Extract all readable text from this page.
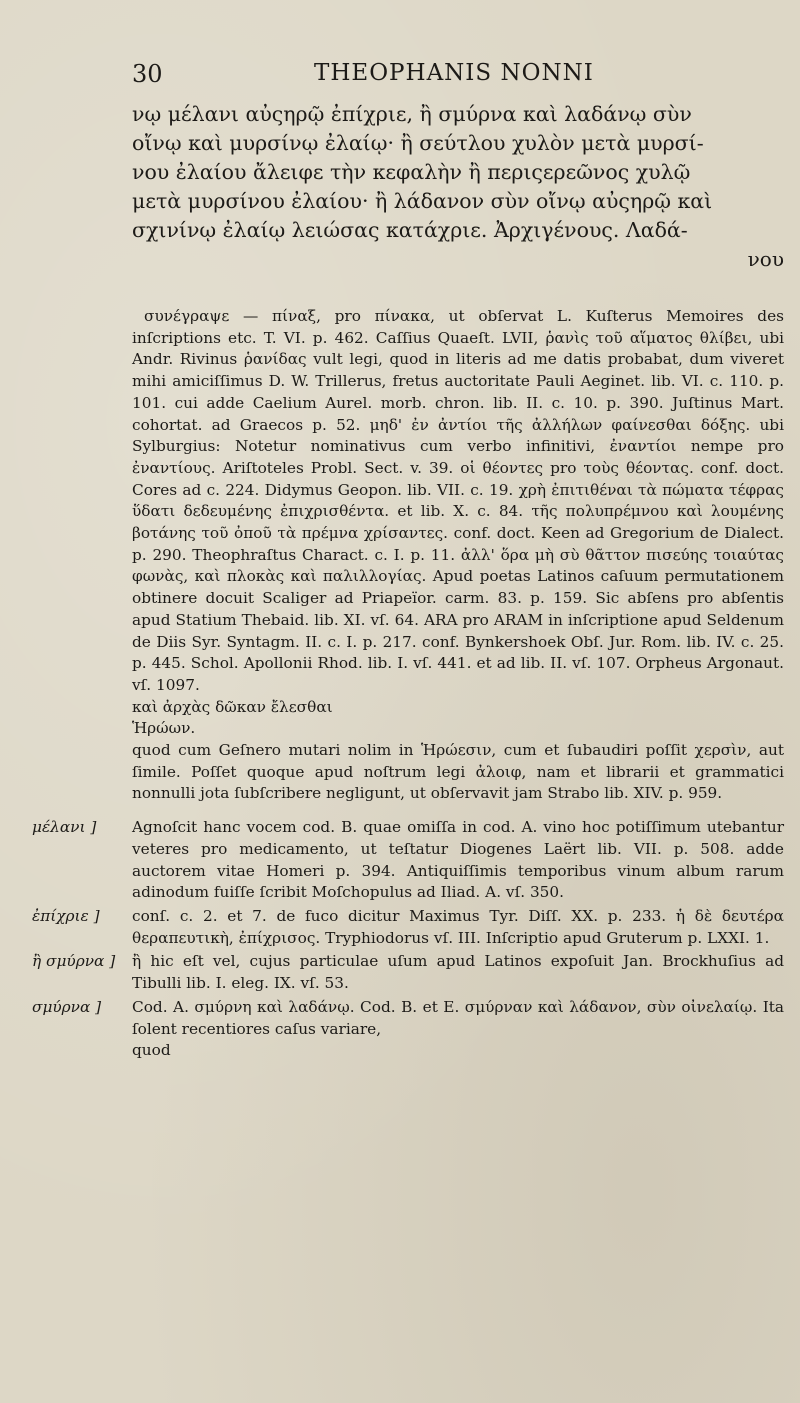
30	THEOPHANIS NONNI

νῳ μέλανι αὐςηρῷ ἐπίχριε, ἢ σμύρνα καὶ λαδάνῳ σὺν

οἴνῳ καὶ μυρσίνῳ ἐλαίῳ· ἢ σεύτλου χυλὸν μετὰ μυρσί-

νου ἐλαίου ἄλειφε τὴν κεφαλὴν ἢ περιςερεῶνος χυλῷ

μετὰ μυρσίνου ἐλαίου· ἢ λάδανον σὺν οἴνῳ αὐςηρῷ καὶ

σχινίνῳ ἐλαίῳ λειώσας κατάχριε. Ἀρχιγένους. Λαδά-

νου

συνέγραψε — πίναξ, pro πίνακα, ut obſervat L. Kuſterus Memoires des inſcriptions etc. T. VI. p. 462. Caſſius Quaeſt. LVII, ῥανὶς τοῦ αἵματος θλίβει, ubi Andr. Rivinus ῥανίδας vult legi, quod in literis ad me datis probabat, dum viveret mihi amiciſſimus D. W. Trillerus, fretus auctoritate Pauli Aeginet. lib. VI. c. 110. p. 101. cui adde Caelium Aurel. morb. chron. lib. II. c. 10. p. 390. Juſtinus Mart. cohortat. ad Graecos p. 52. μηδ' ἐν ἀντίοι τῆς ἀλλήλων φαίνεσθαι δόξης. ubi Sylburgius: Notetur nominativus cum verbo infinitivi, ἐναντίοι nempe pro ἐναντίους. Ariſtoteles Probl. Sect. v. 39. οἱ θέοντες pro τοὺς θέοντας. conf. doct. Cores ad c. 224. Didymus Geopon. lib. VII. c. 19. χρὴ ἐπιτιθέναι τὰ πώματα τέφρας ὕδατι δεδευμένης ἐπιχρισθέντα. et lib. X. c. 84. τῆς πολυπρέμνου καὶ λουμένης βοτάνης τοῦ ὀποῦ τὰ πρέμνα χρίσαντες. conf. doct. Keen ad Gregorium de Dialect. p. 290. Theophraſtus Charact. c. I. p. 11. ἀλλ' ὅρα μὴ σὺ θᾶττον πισεύης τοιαύτας φωνὰς, καὶ πλοκὰς καὶ παλιλλογίας. Apud poetas Latinos caſuum permutationem obtinere docuit Scaliger ad Priapeïor. carm. 83. p. 159. Sic abſens pro abſentis apud Statium Thebaid. lib. XI. vſ. 64. ARA pro ARAM in inſcriptione apud Seldenum de Diis Syr. Syntagm. II. c. I. p. 217. conf. Bynkershoek Obſ. Jur. Rom. lib. IV. c. 25. p. 445. Schol. Apollonii Rhod. lib. I. vſ. 441. et ad lib. II. vſ. 107. Orpheus Argonaut. vſ. 1097.

καὶ ἀρχὰς δῶκαν ἔλεσθαι

Ἡρώων.

quod cum Geſnero mutari nolim in Ἡρώεσιν, cum et ſubaudiri poſſit χερσὶν, aut ſimile. Poſſet quoque apud noſtrum legi ἀλοιφ, nam et librarii et grammatici nonnulli jota ſubſcribere negligunt, ut obſervavit jam Strabo lib. XIV. p. 959.

μέλανι ]	Agnoſcit hanc vocem cod. B. quae omiſſa in cod. A. vino hoc potiſſimum utebantur veteres pro medicamento, ut teſtatur Diogenes Laërt lib. VII. p. 508. adde auctorem vitae Homeri p. 394. Antiquiſſimis temporibus vinum album rarum adinodum fuiſſe ſcribit Moſchopulus ad Iliad. A. vſ. 350.
ἐπίχριε ]	conſ. c. 2. et 7. de fuco dicitur Maximus Tyr. Diſſ. XX. p. 233. ἡ δὲ δευτέρα θεραπευτικὴ, ἐπίχρισος. Tryphiodorus vſ. III. Inſcriptio apud Gruterum p. LXXI. 1.
ἢ σμύρνα ]	ἢ hic eſt vel, cujus particulae uſum apud Latinos expoſuit Jan. Brockhuſius ad Tibulli lib. I. eleg. IX. vſ. 53.
σμύρνα ]	Cod. A. σμύρνη καὶ λαδάνῳ. Cod. B. et E. σμύρναν καὶ λάδανον, σὺν οἰνελαίῳ. Ita ſolent recentiores caſus variare,

quod
